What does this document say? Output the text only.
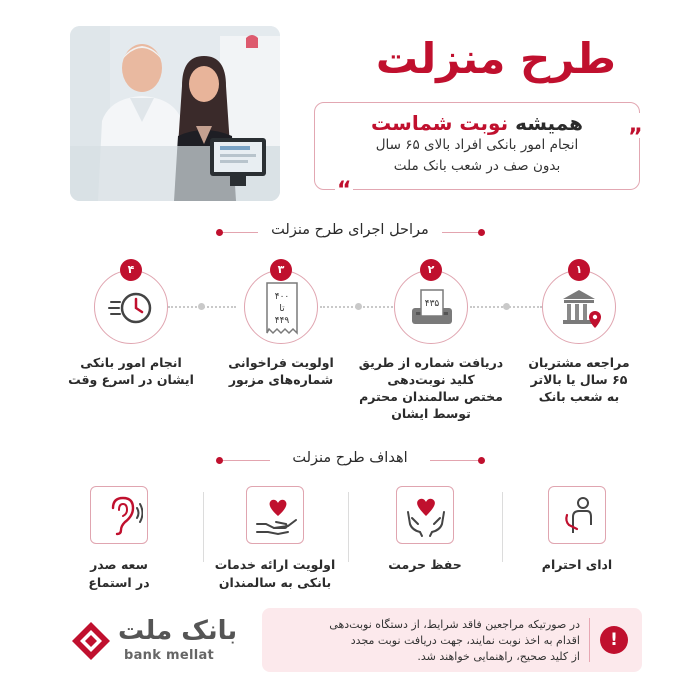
طرح منزلت
„
همیشه نوبت شماست
انجام امور بانکی افراد بالای ۶۵ سال
بدون صف در شعب بانک ملت
“
مراحل اجرای طرح منزلت
۱
مراجعه مشتریان
۶۵ سال یا بالاتر
به شعب بانک
۴۳۵
۲
دریافت شماره از طریق
کلید نوبت‌دهی
مختص سالمندان محترم
توسط ایشان
۴۰۰
تا
۴۴۹
۳
اولویت فراخوانی
شماره‌های مزبور
۴
انجام امور بانکی
ایشان در اسرع وقت
اهداف طرح منزلت
ادای احترام
حفظ حرمت
اولویت ارائه خدمات
بانکی به سالمندان
سعه صدر
در استماع
!
در صورتیکه مراجعین فاقد شرایط، از دستگاه نوبت‌دهی
اقدام به اخذ نوبت نمایند، جهت دریافت نوبت مجدد
از کلید صحیح، راهنمایی خواهند شد.
بانک ملت
bank mellat
